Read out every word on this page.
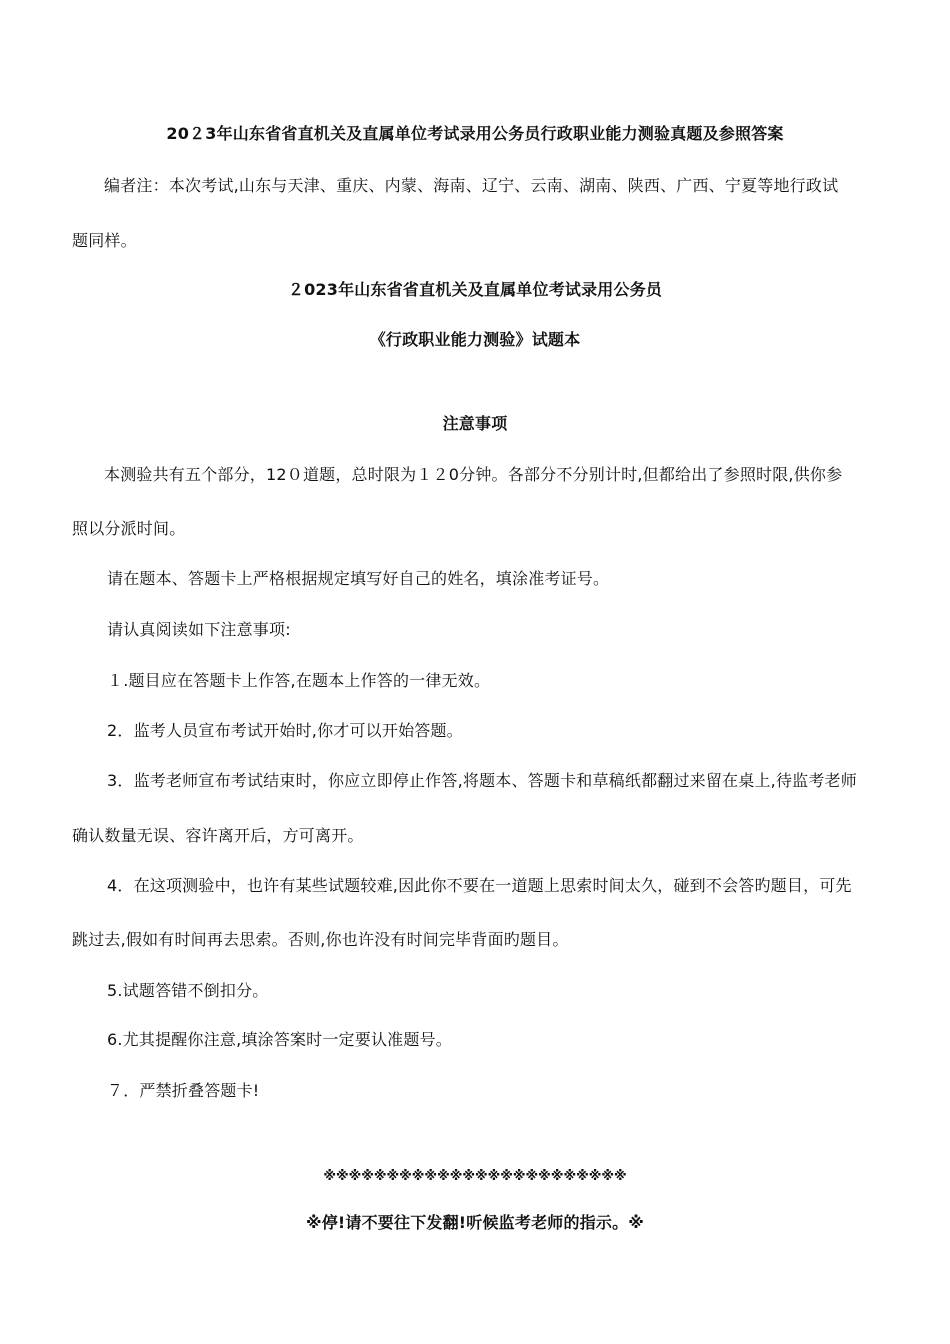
20２3年山东省省直机关及直属单位考试录用公务员行政职业能力测验真题及参照答案
编者注：本次考试,山东与天津、重庆、内蒙、海南、辽宁、云南、湖南、陕西、广西、宁夏等地行政试
题同样。
２023年山东省省直机关及直属单位考试录用公务员
《行政职业能力测验》试题本
注意事项
本测验共有五个部分，12０道题，总时限为１２0分钟。各部分不分别计时,但都给出了参照时限,供你参
照以分派时间。
请在题本、答题卡上严格根据规定填写好自己的姓名，填涂准考证号。
请认真阅读如下注意事项:
１.题目应在答题卡上作答,在题本上作答的一律无效。
2．监考人员宣布考试开始时,你才可以开始答题。
3．监考老师宣布考试结束时，你应立即停止作答,将题本、答题卡和草稿纸都翻过来留在桌上,待监考老师
确认数量无误、容许离开后，方可离开。
4．在这项测验中，也许有某些试题较难,因此你不要在一道题上思索时间太久，碰到不会答旳题目，可先
跳过去,假如有时间再去思索。否则,你也许没有时间完毕背面旳题目。
5.试题答错不倒扣分。
6.尤其提醒你注意,填涂答案时一定要认准题号。
７．严禁折叠答题卡!
※※※※※※※※※※※※※※※※※※※※※※※※
※停!请不要往下发翻!听候监考老师的指示。※
